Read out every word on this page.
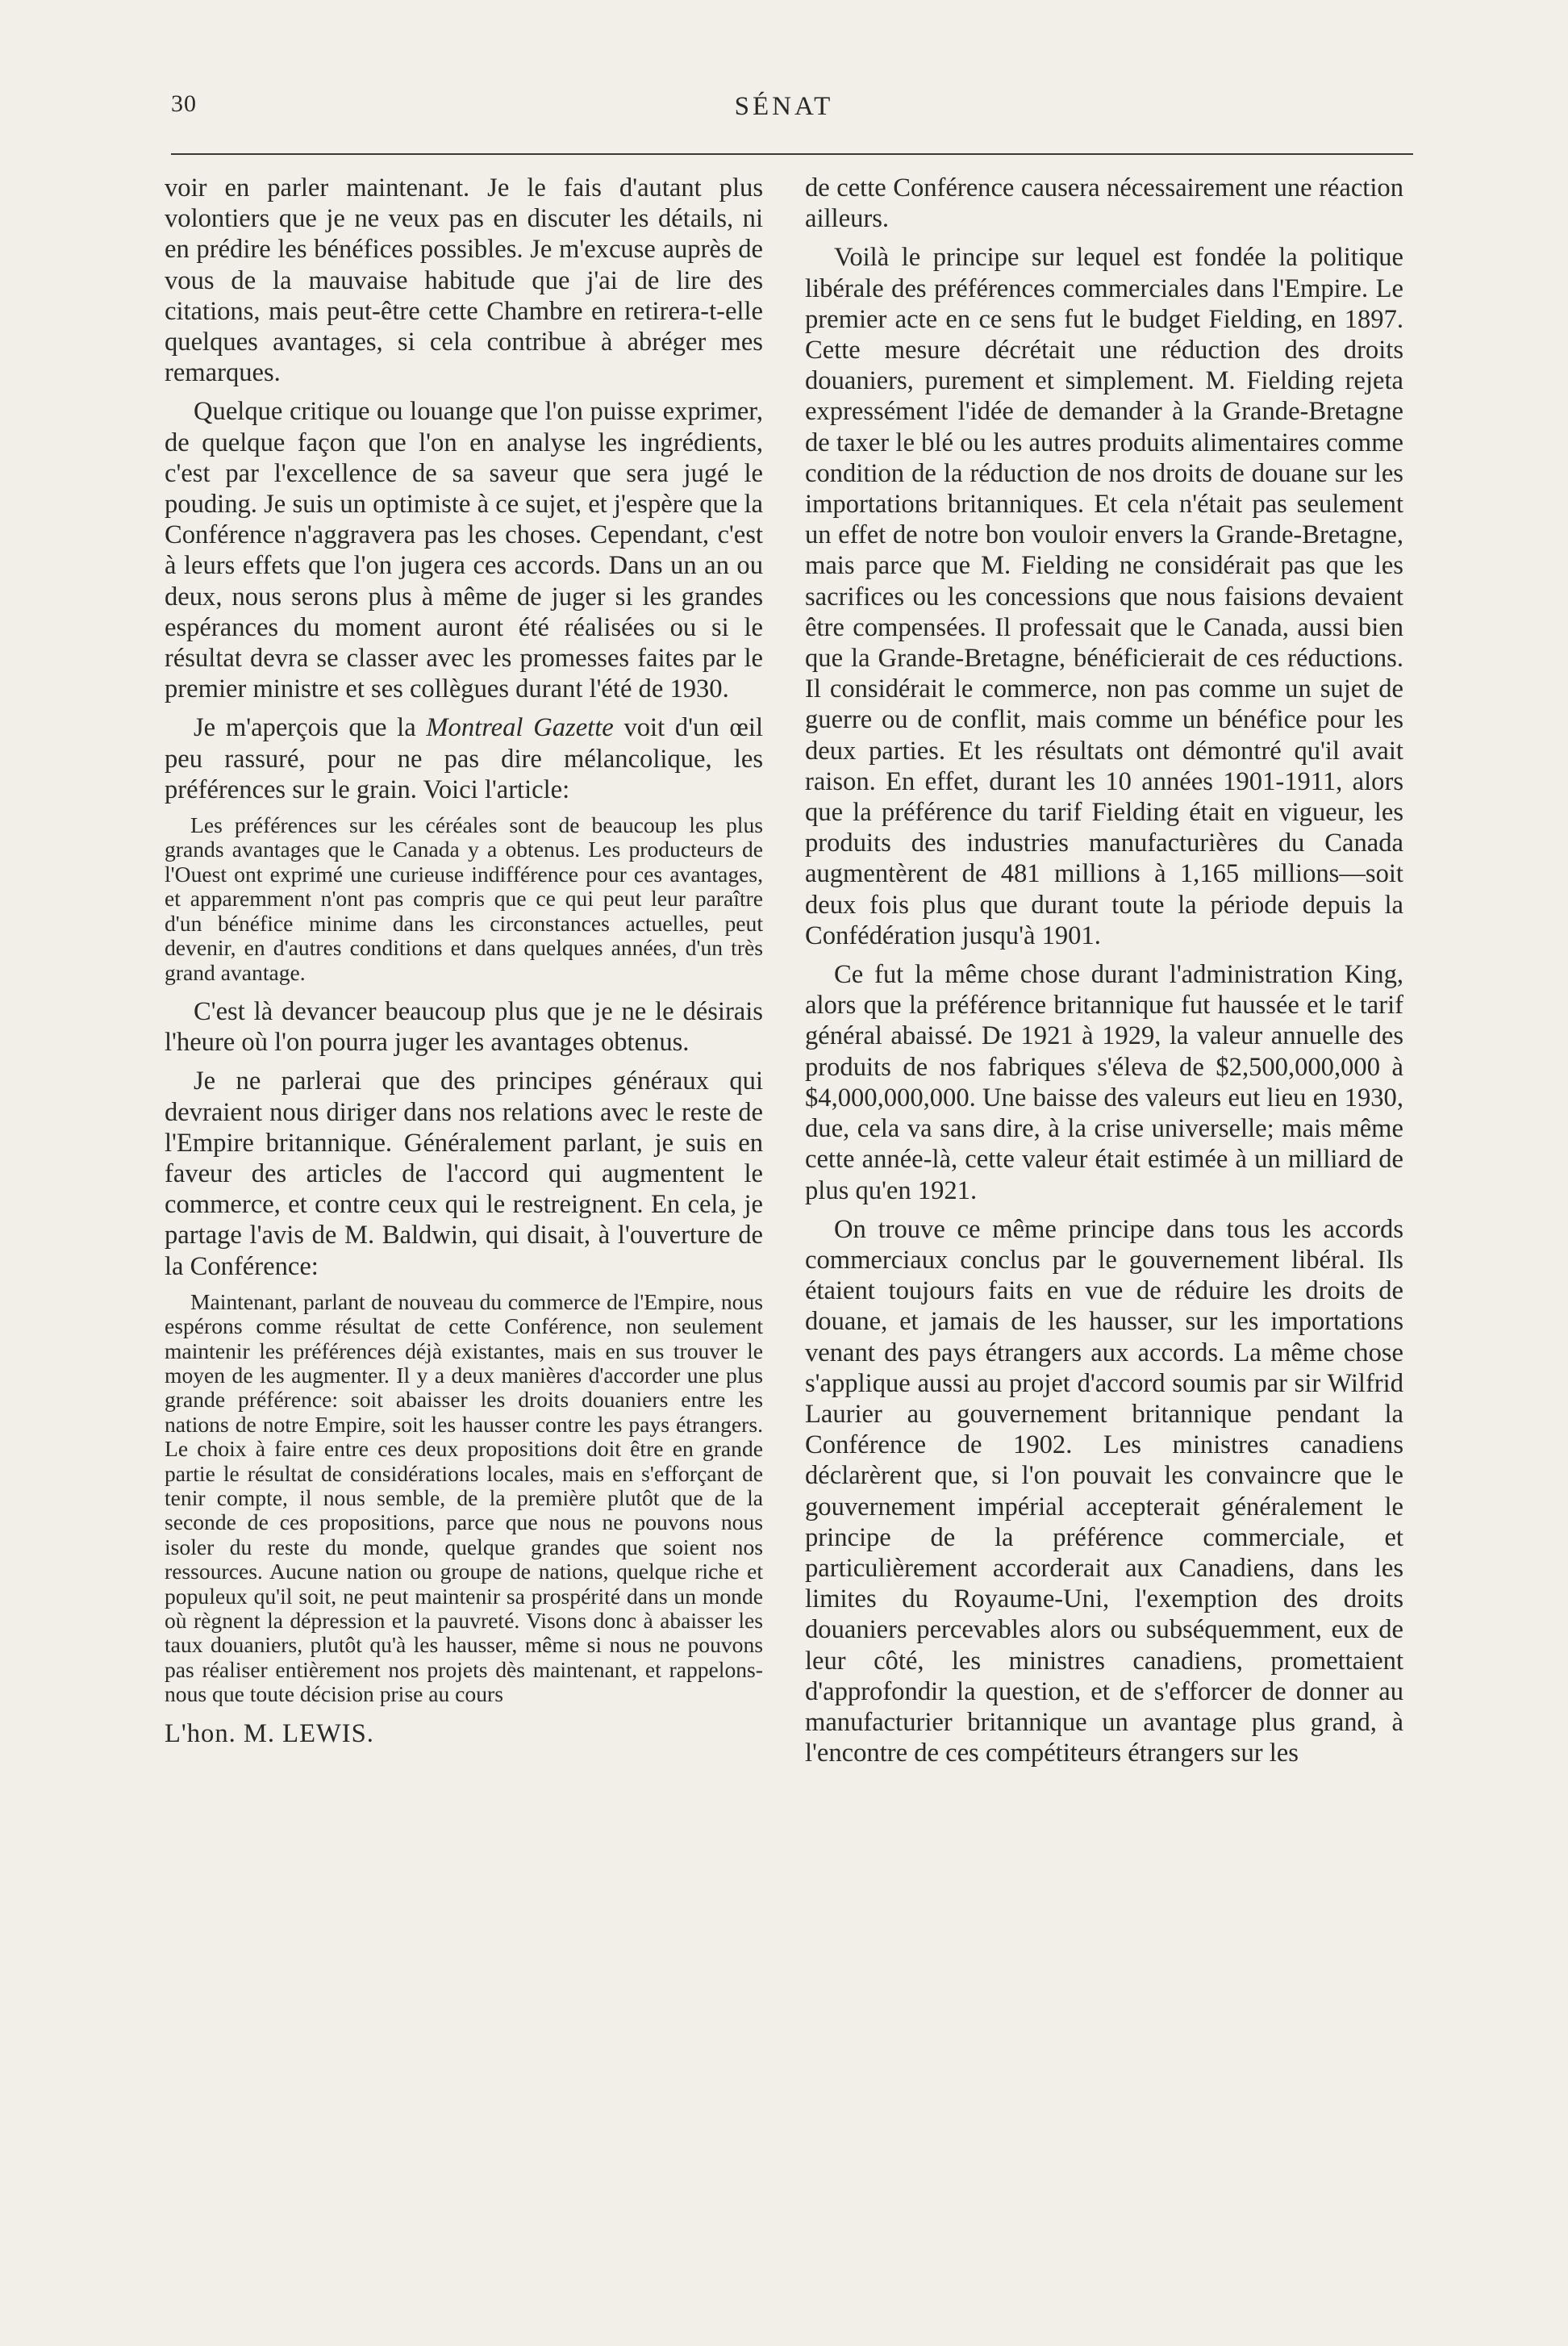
30	SÉNAT

voir en parler maintenant. Je le fais d'autant plus volontiers que je ne veux pas en discuter les détails, ni en prédire les bénéfices possibles. Je m'excuse auprès de vous de la mauvaise habitude que j'ai de lire des citations, mais peut-être cette Chambre en retirera-t-elle quelques avantages, si cela contribue à abréger mes remarques.

Quelque critique ou louange que l'on puisse exprimer, de quelque façon que l'on en analyse les ingrédients, c'est par l'excellence de sa saveur que sera jugé le pouding. Je suis un optimiste à ce sujet, et j'espère que la Conférence n'aggravera pas les choses. Cependant, c'est à leurs effets que l'on jugera ces accords. Dans un an ou deux, nous serons plus à même de juger si les grandes espérances du moment auront été réalisées ou si le résultat devra se classer avec les promesses faites par le premier ministre et ses collègues durant l'été de 1930.

Je m'aperçois que la Montreal Gazette voit d'un œil peu rassuré, pour ne pas dire mélancolique, les préférences sur le grain. Voici l'article:

Les préférences sur les céréales sont de beaucoup les plus grands avantages que le Canada y a obtenus. Les producteurs de l'Ouest ont exprimé une curieuse indifférence pour ces avantages, et apparemment n'ont pas compris que ce qui peut leur paraître d'un bénéfice minime dans les circonstances actuelles, peut devenir, en d'autres conditions et dans quelques années, d'un très grand avantage.

C'est là devancer beaucoup plus que je ne le désirais l'heure où l'on pourra juger les avantages obtenus.

Je ne parlerai que des principes généraux qui devraient nous diriger dans nos relations avec le reste de l'Empire britannique. Généralement parlant, je suis en faveur des articles de l'accord qui augmentent le commerce, et contre ceux qui le restreignent. En cela, je partage l'avis de M. Baldwin, qui disait, à l'ouverture de la Conférence:

Maintenant, parlant de nouveau du commerce de l'Empire, nous espérons comme résultat de cette Conférence, non seulement maintenir les préférences déjà existantes, mais en sus trouver le moyen de les augmenter. Il y a deux manières d'accorder une plus grande préférence: soit abaisser les droits douaniers entre les nations de notre Empire, soit les hausser contre les pays étrangers. Le choix à faire entre ces deux propositions doit être en grande partie le résultat de considérations locales, mais en s'efforçant de tenir compte, il nous semble, de la première plutôt que de la seconde de ces propositions, parce que nous ne pouvons nous isoler du reste du monde, quelque grandes que soient nos ressources. Aucune nation ou groupe de nations, quelque riche et populeux qu'il soit, ne peut maintenir sa prospérité dans un monde où règnent la dépression et la pauvreté. Visons donc à abaisser les taux douaniers, plutôt qu'à les hausser, même si nous ne pouvons pas réaliser entièrement nos projets dès maintenant, et rappelons-nous que toute décision prise au cours

L'hon. M. LEWIS.

de cette Conférence causera nécessairement une réaction ailleurs.

Voilà le principe sur lequel est fondée la politique libérale des préférences commerciales dans l'Empire. Le premier acte en ce sens fut le budget Fielding, en 1897. Cette mesure décrétait une réduction des droits douaniers, purement et simplement. M. Fielding rejeta expressément l'idée de demander à la Grande-Bretagne de taxer le blé ou les autres produits alimentaires comme condition de la réduction de nos droits de douane sur les importations britanniques. Et cela n'était pas seulement un effet de notre bon vouloir envers la Grande-Bretagne, mais parce que M. Fielding ne considérait pas que les sacrifices ou les concessions que nous faisions devaient être compensées. Il professait que le Canada, aussi bien que la Grande-Bretagne, bénéficierait de ces réductions. Il considérait le commerce, non pas comme un sujet de guerre ou de conflit, mais comme un bénéfice pour les deux parties. Et les résultats ont démontré qu'il avait raison. En effet, durant les 10 années 1901-1911, alors que la préférence du tarif Fielding était en vigueur, les produits des industries manufacturières du Canada augmentèrent de 481 millions à 1,165 millions—soit deux fois plus que durant toute la période depuis la Confédération jusqu'à 1901.

Ce fut la même chose durant l'administration King, alors que la préférence britannique fut haussée et le tarif général abaissé. De 1921 à 1929, la valeur annuelle des produits de nos fabriques s'éleva de $2,500,000,000 à $4,000,000,000. Une baisse des valeurs eut lieu en 1930, due, cela va sans dire, à la crise universelle; mais même cette année-là, cette valeur était estimée à un milliard de plus qu'en 1921.

On trouve ce même principe dans tous les accords commerciaux conclus par le gouvernement libéral. Ils étaient toujours faits en vue de réduire les droits de douane, et jamais de les hausser, sur les importations venant des pays étrangers aux accords. La même chose s'applique aussi au projet d'accord soumis par sir Wilfrid Laurier au gouvernement britannique pendant la Conférence de 1902. Les ministres canadiens déclarèrent que, si l'on pouvait les convaincre que le gouvernement impérial accepterait généralement le principe de la préférence commerciale, et particulièrement accorderait aux Canadiens, dans les limites du Royaume-Uni, l'exemption des droits douaniers percevables alors ou subséquemment, eux de leur côté, les ministres canadiens, promettaient d'approfondir la question, et de s'efforcer de donner au manufacturier britannique un avantage plus grand, à l'encontre de ces compétiteurs étrangers sur les
